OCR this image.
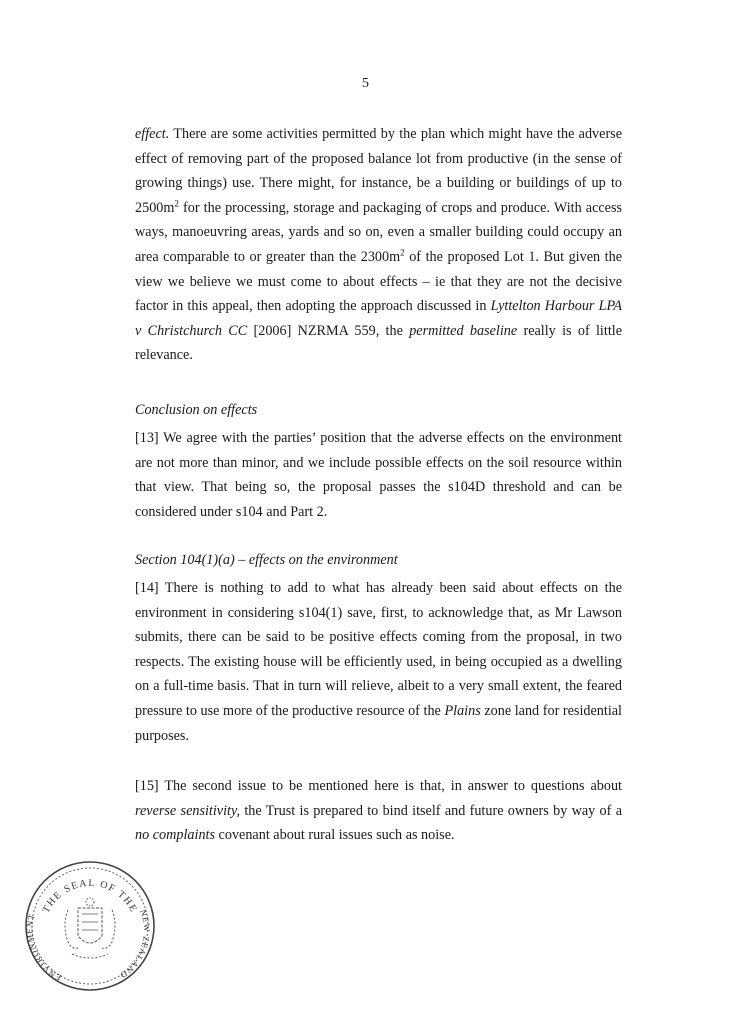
5
effect. There are some activities permitted by the plan which might have the adverse
effect of removing part of the proposed balance lot from productive (in the sense of
growing things) use. There might, for instance, be a building or buildings of up to
$2500m^2$ for the processing, storage and packaging of crops and produce. With access
ways, manoeuvring areas, yards and so on, even a smaller building could occupy an
area comparable to or greater than the $2300m^2$ of the proposed Lot 1. But given the
view we believe we must come to about effects – ie that they are not the decisive
factor in this appeal, then adopting the approach discussed in Lyttelton Harbour LPA
v Christchurch CC [2006] NZRMA 559, the permitted baseline really is of little
relevance.
Conclusion on effects
[13] We agree with the parties’ position that the adverse effects on the environment
are not more than minor, and we include possible effects on the soil resource within
that view. That being so, the proposal passes the s104D threshold and can be
considered under s104 and Part 2.
Section 104(1)(a) – effects on the environment
[14] There is nothing to add to what has already been said about effects on the
environment in considering s104(1) save, first, to acknowledge that, as Mr Lawson
submits, there can be said to be positive effects coming from the proposal, in two
respects. The existing house will be efficiently used, in being occupied as a dwelling
on a full-time basis. That in turn will relieve, albeit to a very small extent, the feared
pressure to use more of the productive resource of the Plains zone land for residential
purposes.
[15] The second issue to be mentioned here is that, in answer to questions about
reverse sensitivity, the Trust is prepared to bind itself and future owners by way of a
no complaints covenant about rural issues such as noise.
THE SEAL OF THE
ENVIRONMENT	NEW ZEALAND
